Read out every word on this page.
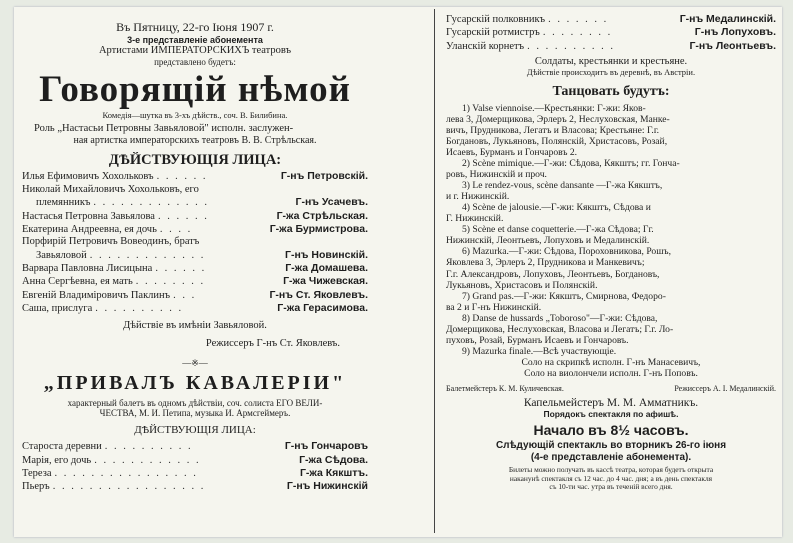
Въ Пятницу, 22-го Іюня 1907 г.
3-е представленіе абонемента
Артистами ИМПЕРАТОРСКИХЪ театровъ
представлено будетъ:
Говорящій нѣмой
Комедія—шутка въ 3-хъ дѣйств., соч. В. Билибина.
Роль „Настасьи Петровны Завьяловой" исполн. заслужен-
ная артистка императорскихъ театровъ В. В. Стрѣльская.
ДѢЙСТВУЮЩІЯ ЛИЦА:
Илья Ефимовичъ Хохольковъ . . . . . .	Г-нъ Петровскій.
Николай Михайловичъ Хохольковъ, его
племянникъ . . . . . . . . . . . . .	Г-нъ Усачевъ.
Настасья Петровна Завьялова . . . . . .	Г-жа Стрѣльская.
Екатерина Андреевна, ея дочь . . . .	Г-жа Бурмистрова.
Порфирій Петровичъ Вовеодинъ, братъ
Завьяловой . . . . . . . . . . . . .	Г-нъ Новинскій.
Варвара Павловна Лисицына . . . . . .	Г-жа Домашева.
Анна Сергѣевна, ея мать . . . . . . . .	Г-жа Чижевская.
Евгеній Владиміровичъ Паклинъ . . .	Г-нъ Ст. Яковлевъ.
Саша, прислуга . . . . . . . . . .	Г-жа Герасимова.
Дѣйствіе въ имѣніи Завьяловой.
Режиссеръ Г-нъ Ст. Яковлевъ.
—※—
„ПРИВАЛЪ КАВАЛЕРІИ"
характерный балетъ въ одномъ дѣйствіи, соч. солиста ЕГО ВЕЛИ-
ЧЕСТВА, М. И. Петипа, музыка И. Армсгеймеръ.
ДѢЙСТВУЮЩІЯ ЛИЦА:
Староста деревни . . . . . . . . . .	Г-нъ Гончаровъ
Марія, его дочь . . . . . . . . . . . .	Г-жа Сѣдова.
Тереза . . . . . . . . . . . . . . . .	Г-жа Кякштъ.
Пьеръ . . . . . . . . . . . . . . . . .	Г-нъ Нижинскій
Гусарскій полковникъ . . . . . . .	Г-нъ Медалинскій.
Гусарскій ротмистръ . . . . . . . .	Г-нъ Лопуховъ.
Уланскій корнетъ . . . . . . . . . .	Г-нъ Леонтьевъ.
Солдаты, крестьянки и крестьяне.
Дѣйствіе происходитъ въ деревнѣ, въ Австріи.
Танцовать будутъ:
1) Valse viennoise.—Крестьянки: Г-жи: Яков-
лева 3, Домерщикова, Эрлеръ 2, Неслуховская, Манке-
вичъ, Прудникова, Легатъ и Власова; Крестьяне: Г.г.
Богдановъ, Лукьяновъ, Полянскій, Христасовъ, Розай,
Исаевъ, Бурманъ и Гончаровъ 2.
2) Scène mimique.—Г-жи: Сѣдова, Кякштъ; гг. Гонча-
ровъ, Нижинскій и проч.
3) Le rendez-vous, scène dansante —Г-жа Кякштъ,
и г. Нижинскій.
4) Scène de jalousie.—Г-жи: Кякштъ, Сѣдова и
Г. Нижинскій.
5) Scène et danse coquetterie.—Г-жа Сѣдова; Гг.
Нижинскій, Леонтьевъ, Лопуховъ и Медалинскій.
6) Mazurka.—Г-жи: Сѣдова, Пороховникова, Рошъ,
Яковлева 3, Эрлеръ 2, Прудникова и Манкевичъ;
Г.г. Александровъ, Лопуховъ, Леонтьевъ, Богдановъ,
Лукьяновъ, Христасовъ и Полянскій.
7) Grand pas.—Г-жи: Кякштъ, Смирнова, Федоро-
ва 2 и Г-нъ Нижинскій.
8) Danse de hussards „Toboroso"—Г-жи: Сѣдова,
Домерщикова, Неслуховская, Власова и Легатъ; Г.г. Ло-
пуховъ, Розай, Бурманъ Исаевъ и Гончаровъ.
9) Mazurka finale.—Всѣ участвующіе.
Соло на скрипкѣ исполн. Г-нъ Манасевичъ,
Соло на виолончели исполн. Г-нъ Поповъ.
Балетмейстеръ К. М. Куличевская.	Режиссеръ А. І. Медалинскій.
Капельмейстеръ М. М. Амматникъ.
Порядокъ спектакля по афишѣ.
Начало въ 8½ часовъ.
Слѣдующій спектакль во вторникъ 26-го іюня
(4-е представленіе абонемента).
Билеты можно получать въ кассѣ театра, которая будетъ открыта
наканунѣ спектакля съ 12 час. до 4 час. дня; а въ день спектакля
съ 10-ти час. утра въ теченій всего дня.
